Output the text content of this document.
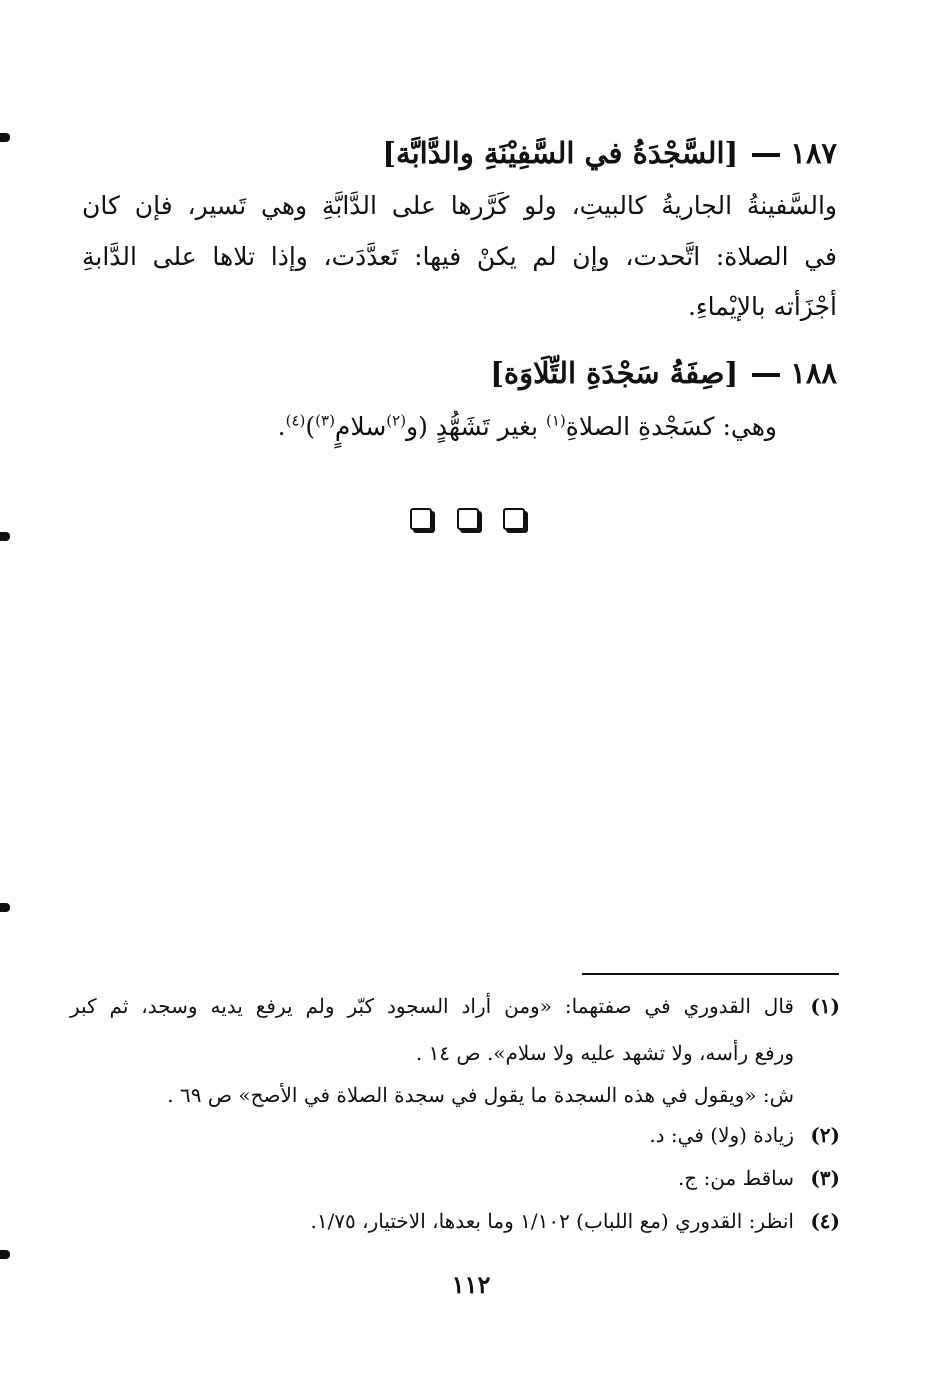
١٨٧[السَّجْدَةُ في السَّفِيْنَةِ والدَّابَّة]
والسَّفينةُ الجاريةُ كالبيتِ، ولو كَرَّرها على الدَّابَّةِ وهي تَسير، فإن كان
في الصلاة: اتَّحدت، وإن لم يكنْ فيها: تَعدَّدَت، وإذا تلاها على الدَّابةِ
أجْزَأته بالإيْماءِ.
١٨٨[صِفَةُ سَجْدَةِ التِّلَاوَة]
وهي: كسَجْدةِ الصلاةِ$^{(١)}$ بغير تَشَهُّدٍ (و$^{(٢)}$سلامٍ$^{(٣)}$)$^{(٤)}$.
(١)قال القدوري في صفتهما: «ومن أراد السجود كبّر ولم يرفع يديه وسجد، ثم كبر
ورفع رأسه، ولا تشهد عليه ولا سلام». ص ١٤ .
ش: «ويقول في هذه السجدة ما يقول في سجدة الصلاة في الأصح» ص ٦٩ .
(٢)زيادة (ولا) في: د.
(٣)ساقط من: ج.
(٤)انظر: القدوري (مع اللباب) ١/١٠٢ وما بعدها، الاختيار، ١/٧٥.
١١٢
